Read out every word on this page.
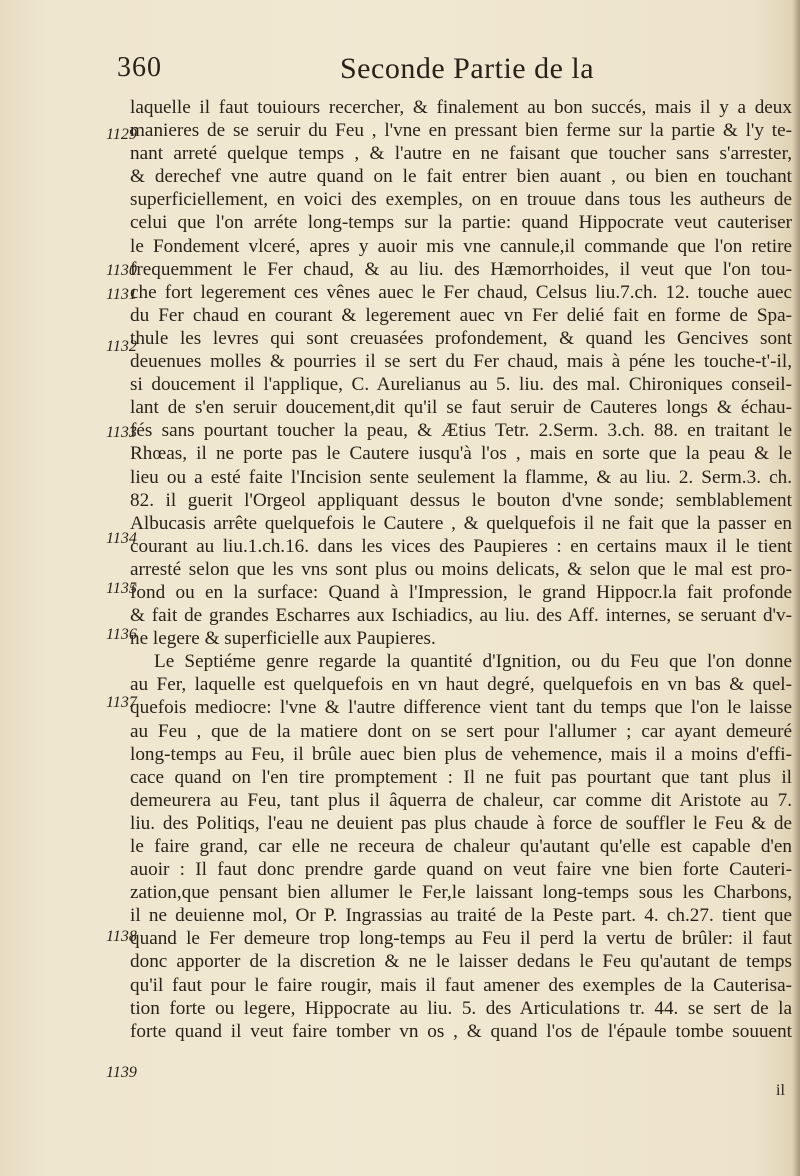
360	Seconde Partie de la
1129
1130
1131
1132
1133
1134
1135
1136
1137
1138
1139
laquelle il faut touiours recercher, & finalement au bon succés, mais il y a deux
manieres de se seruir du Feu , l'vne en pressant bien ferme sur la partie & l'y te-
nant arreté quelque temps , & l'autre en ne faisant que toucher sans s'arrester,
& derechef vne autre quand on le fait entrer bien auant , ou bien en touchant
superficiellement, en voici des exemples, on en trouue dans tous les autheurs de
celui que l'on arréte long-temps sur la partie: quand Hippocrate veut cauteriser
le Fondement vlceré, apres y auoir mis vne cannule,il commande que l'on retire
frequemment le Fer chaud, & au liu. des Hæmorrhoides, il veut que l'on tou-
che fort legerement ces vênes auec le Fer chaud, Celsus liu.7.ch. 12. touche auec
du Fer chaud en courant & legerement auec vn Fer delié fait en forme de Spa-
thule les levres qui sont creuasées profondement, & quand les Gencives sont
deuenues molles & pourries il se sert du Fer chaud, mais à péne les touche-t'-il,
si doucement il l'applique, C. Aurelianus au 5. liu. des mal. Chironiques conseil-
lant de s'en seruir doucement,dit qu'il se faut seruir de Cauteres longs & échau-
fés sans pourtant toucher la peau, & Ætius Tetr. 2.Serm. 3.ch. 88. en traitant le
Rhœas, il ne porte pas le Cautere iusqu'à l'os , mais en sorte que la peau & le
lieu ou a esté faite l'Incision sente seulement la flamme, & au liu. 2. Serm.3. ch.
82. il guerit l'Orgeol appliquant dessus le bouton d'vne sonde; semblablement
Albucasis arrête quelquefois le Cautere , & quelquefois il ne fait que la passer en
courant au liu.1.ch.16. dans les vices des Paupieres : en certains maux il le tient
arresté selon que les vns sont plus ou moins delicats, & selon que le mal est pro-
fond ou en la surface: Quand à l'Impression, le grand Hippocr.la fait profonde
& fait de grandes Escharres aux Ischiadics, au liu. des Aff. internes, se seruant d'v-
ne legere & superficielle aux Paupieres.
Le Septiéme genre regarde la quantité d'Ignition, ou du Feu que l'on donne
au Fer, laquelle est quelquefois en vn haut degré, quelquefois en vn bas & quel-
quefois mediocre: l'vne & l'autre difference vient tant du temps que l'on le laisse
au Feu , que de la matiere dont on se sert pour l'allumer ; car ayant demeuré
long-temps au Feu, il brûle auec bien plus de vehemence, mais il a moins d'effi-
cace quand on l'en tire promptement : Il ne fuit pas pourtant que tant plus il
demeurera au Feu, tant plus il âquerra de chaleur, car comme dit Aristote au 7.
liu. des Politiqs, l'eau ne deuient pas plus chaude à force de souffler le Feu & de
le faire grand, car elle ne receura de chaleur qu'autant qu'elle est capable d'en
auoir : Il faut donc prendre garde quand on veut faire vne bien forte Cauteri-
zation,que pensant bien allumer le Fer,le laissant long-temps sous les Charbons,
il ne deuienne mol, Or P. Ingrassias au traité de la Peste part. 4. ch.27. tient que
quand le Fer demeure trop long-temps au Feu il perd la vertu de brûler: il faut
donc apporter de la discretion & ne le laisser dedans le Feu qu'autant de temps
qu'il faut pour le faire rougir, mais il faut amener des exemples de la Cauterisa-
tion forte ou legere, Hippocrate au liu. 5. des Articulations tr. 44. se sert de la
forte quand il veut faire tomber vn os , & quand l'os de l'épaule tombe souuent
il
